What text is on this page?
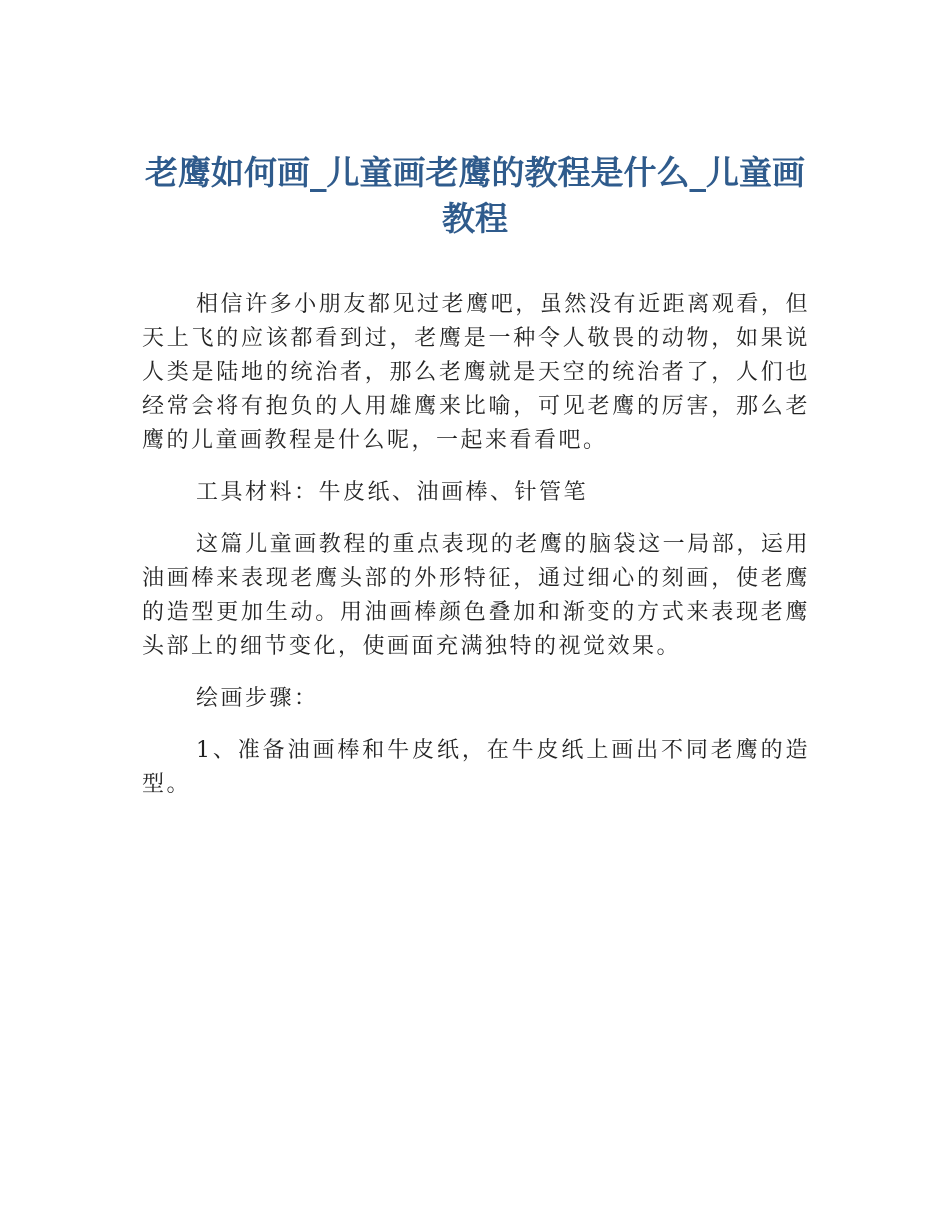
老鹰如何画_儿童画老鹰的教程是什么_儿童画教程

相信许多小朋友都见过老鹰吧，虽然没有近距离观看，但天上飞的应该都看到过，老鹰是一种令人敬畏的动物，如果说人类是陆地的统治者，那么老鹰就是天空的统治者了，人们也经常会将有抱负的人用雄鹰来比喻，可见老鹰的厉害，那么老鹰的儿童画教程是什么呢，一起来看看吧。

工具材料：牛皮纸、油画棒、针管笔

这篇儿童画教程的重点表现的老鹰的脑袋这一局部，运用油画棒来表现老鹰头部的外形特征，通过细心的刻画，使老鹰的造型更加生动。用油画棒颜色叠加和渐变的方式来表现老鹰头部上的细节变化，使画面充满独特的视觉效果。

绘画步骤：

1、准备油画棒和牛皮纸，在牛皮纸上画出不同老鹰的造型。
